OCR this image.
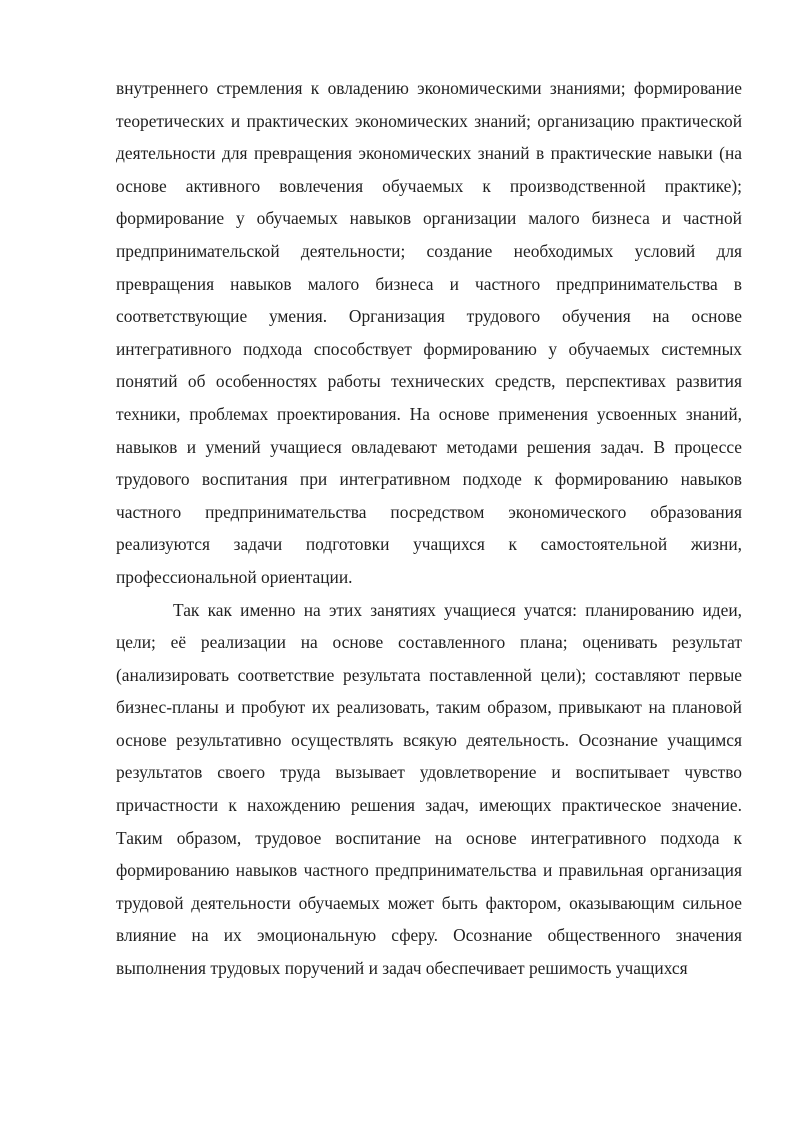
внутреннего стремления к овладению экономическими знаниями; формирование теоретических и практических экономических знаний; организацию практической деятельности для превращения экономических знаний в практические навыки (на основе активного вовлечения обучаемых к производственной практике); формирование у обучаемых навыков организации малого бизнеса и частной предпринимательской деятельности; создание необходимых условий для превращения навыков малого бизнеса и частного предпринимательства в соответствующие умения. Организация трудового обучения на основе интегративного подхода способствует формированию у обучаемых системных понятий об особенностях работы технических средств, перспективах развития техники, проблемах проектирования. На основе применения усвоенных знаний, навыков и умений учащиеся овладевают методами решения задач. В процессе трудового воспитания при интегративном подходе к формированию навыков частного предпринимательства посредством экономического образования реализуются задачи подготовки учащихся к самостоятельной жизни, профессиональной ориентации.

Так как именно на этих занятиях учащиеся учатся: планированию идеи, цели; её реализации на основе составленного плана; оценивать результат (анализировать соответствие результата поставленной цели); составляют первые бизнес-планы и пробуют их реализовать, таким образом, привыкают на плановой основе результативно осуществлять всякую деятельность. Осознание учащимся результатов своего труда вызывает удовлетворение и воспитывает чувство причастности к нахождению решения задач, имеющих практическое значение. Таким образом, трудовое воспитание на основе интегративного подхода к формированию навыков частного предпринимательства и правильная организация трудовой деятельности обучаемых может быть фактором, оказывающим сильное влияние на их эмоциональную сферу. Осознание общественного значения выполнения трудовых поручений и задач обеспечивает решимость учащихся
